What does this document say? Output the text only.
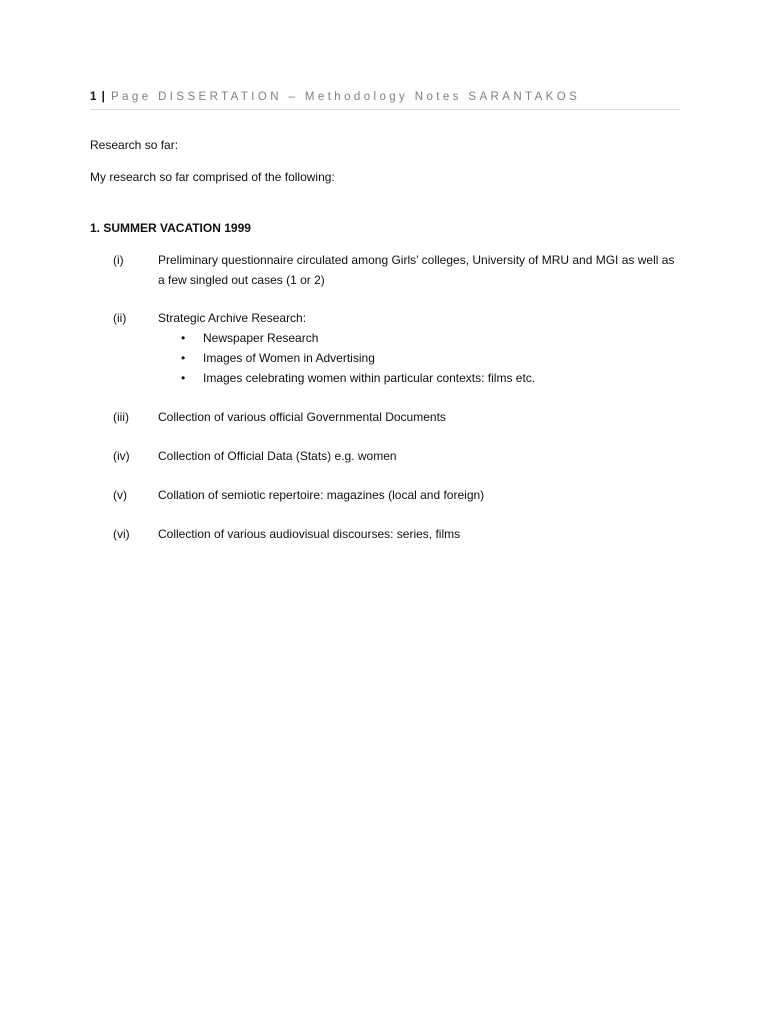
1 | Page DISSERTATION – Methodology Notes SARANTAKOS
Research so far:
My research so far comprised of the following:
1. SUMMER VACATION 1999
(i)	Preliminary questionnaire circulated among Girls’ colleges, University of MRU and MGI as well as a few singled out cases (1 or 2)
(ii)	Strategic Archive Research:
• Newspaper Research
• Images of Women in Advertising
• Images celebrating women within particular contexts: films etc.
(iii) Collection of various official Governmental Documents
(iv) Collection of Official Data (Stats) e.g. women
(v)	Collation of semiotic repertoire: magazines (local and foreign)
(vi) Collection of various audiovisual discourses: series, films
